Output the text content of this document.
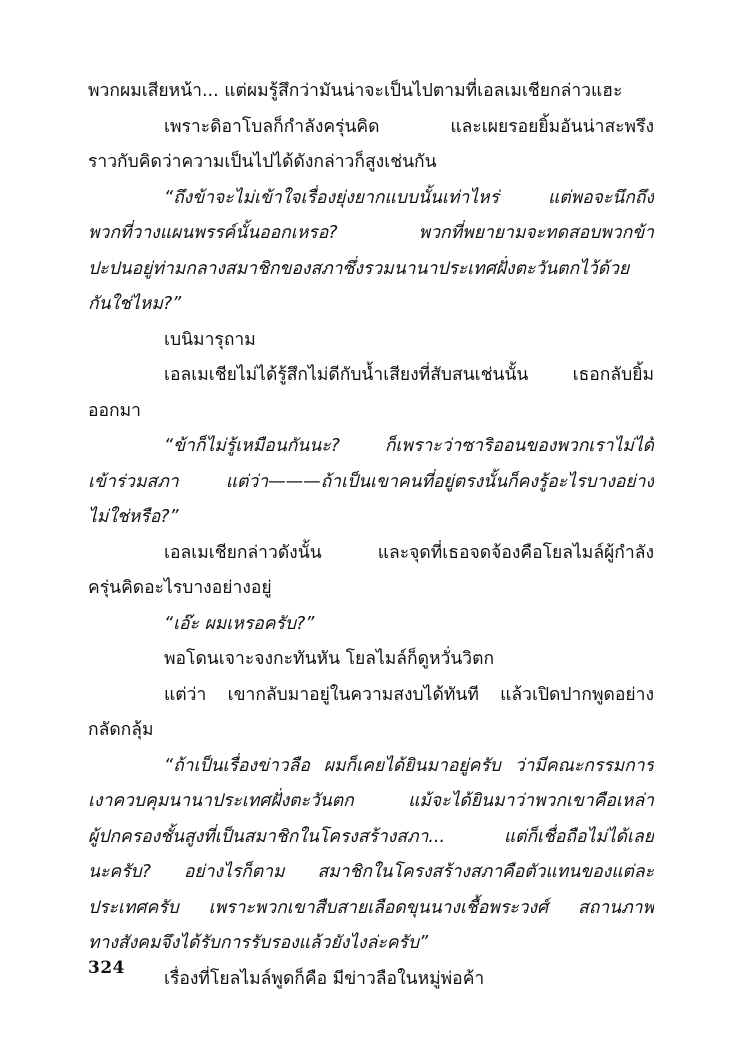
พวกผมเสียหน้า... แต่ผมรู้สึกว่ามันน่าจะเป็นไปตามที่เอลเมเชียกล่าวแฮะ
เพราะดิอาโบลก็กำลังครุ่นคิด และเผยรอยยิ้มอันน่าสะพรึง
ราวกับคิดว่าความเป็นไปได้ดังกล่าวก็สูงเช่นกัน
“ถึงข้าจะไม่เข้าใจเรื่องยุ่งยากแบบนั้นเท่าไหร่ แต่พอจะนึกถึง
พวกที่วางแผนพรรค์นั้นออกเหรอ? พวกที่พยายามจะทดสอบพวกข้า
ปะปนอยู่ท่ามกลางสมาชิกของสภาซึ่งรวมนานาประเทศฝั่งตะวันตกไว้ด้วย
กันใช่ไหม?”
เบนิมารุถาม
เอลเมเชียไม่ได้รู้สึกไม่ดีกับน้ำเสียงที่สับสนเช่นนั้น เธอกลับยิ้ม
ออกมา
“ข้าก็ไม่รู้เหมือนกันนะ? ก็เพราะว่าซาริออนของพวกเราไม่ได้
เข้าร่วมสภา แต่ว่า———ถ้าเป็นเขาคนที่อยู่ตรงนั้นก็คงรู้อะไรบางอย่าง
ไม่ใช่หรือ?”
เอลเมเชียกล่าวดังนั้น และจุดที่เธอจดจ้องคือโยลไมล์ผู้กำลัง
ครุ่นคิดอะไรบางอย่างอยู่
“เอ๊ะ ผมเหรอครับ?”
พอโดนเจาะจงกะทันหัน โยลไมล์ก็ดูหวั่นวิตก
แต่ว่า เขากลับมาอยู่ในความสงบได้ทันที แล้วเปิดปากพูดอย่าง
กลัดกลุ้ม
“ถ้าเป็นเรื่องข่าวลือ ผมก็เคยได้ยินมาอยู่ครับ ว่ามีคณะกรรมการ
เงาควบคุมนานาประเทศฝั่งตะวันตก แม้จะได้ยินมาว่าพวกเขาคือเหล่า
ผู้ปกครองชั้นสูงที่เป็นสมาชิกในโครงสร้างสภา... แต่ก็เชื่อถือไม่ได้เลย
นะครับ? อย่างไรก็ตาม สมาชิกในโครงสร้างสภาคือตัวแทนของแต่ละ
ประเทศครับ เพราะพวกเขาสืบสายเลือดขุนนางเชื้อพระวงศ์ สถานภาพ
ทางสังคมจึงได้รับการรับรองแล้วยังไงล่ะครับ”
เรื่องที่โยลไมล์พูดก็คือ มีข่าวลือในหมู่พ่อค้า
324
